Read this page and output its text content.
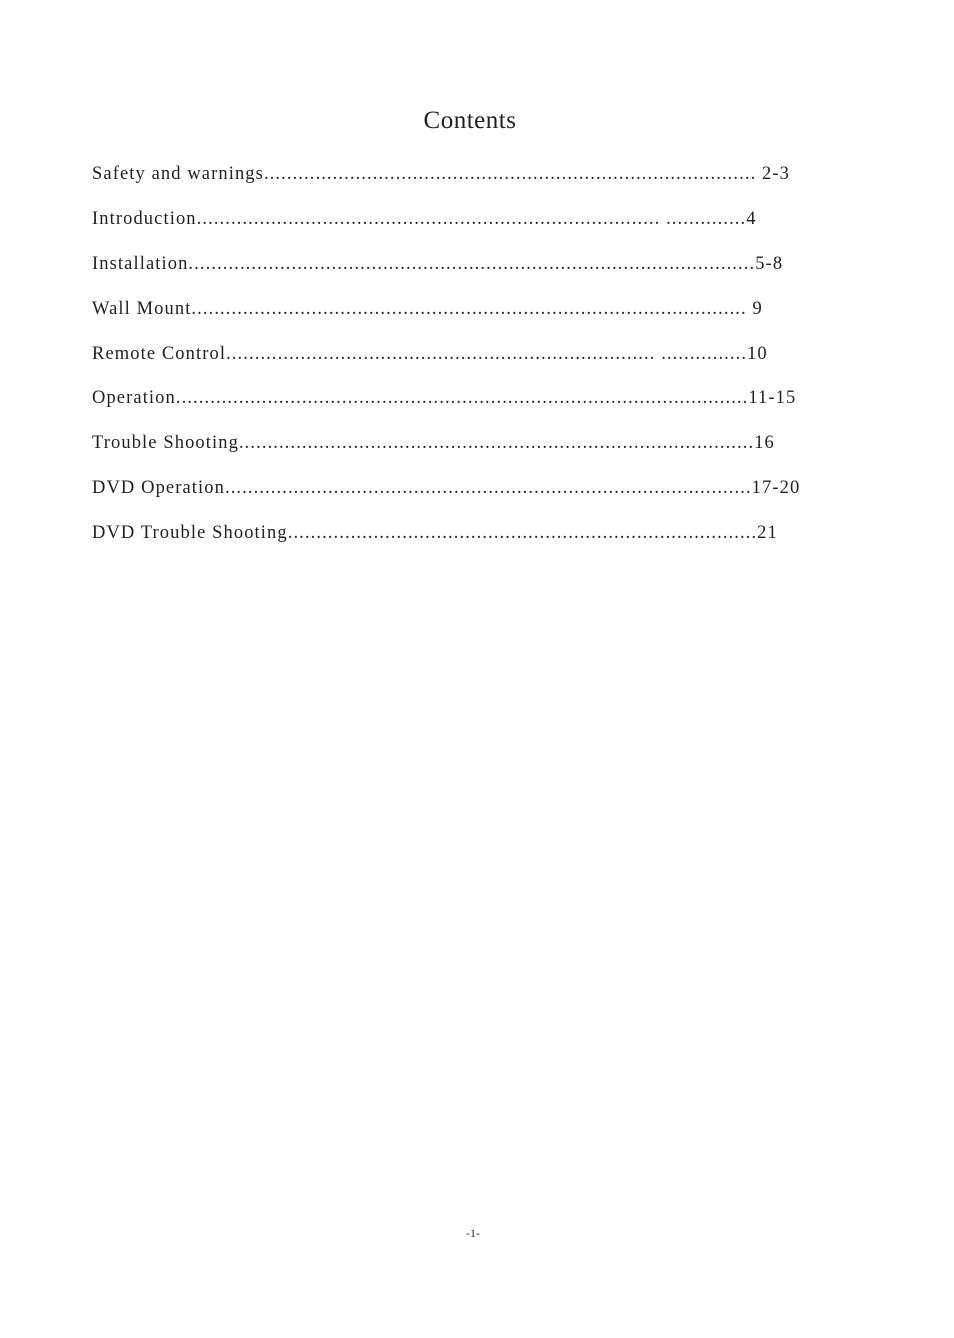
Contents
Safety and warnings...................................................................................... 2-3
Introduction................................................................................. ..............4
Installation...................................................................................................5-8
Wall Mount................................................................................................. 9
Remote Control........................................................................... ...............10
Operation....................................................................................................11-15
Trouble Shooting..........................................................................................16
DVD Operation............................................................................................17-20
DVD Trouble Shooting..................................................................................21
-1-
